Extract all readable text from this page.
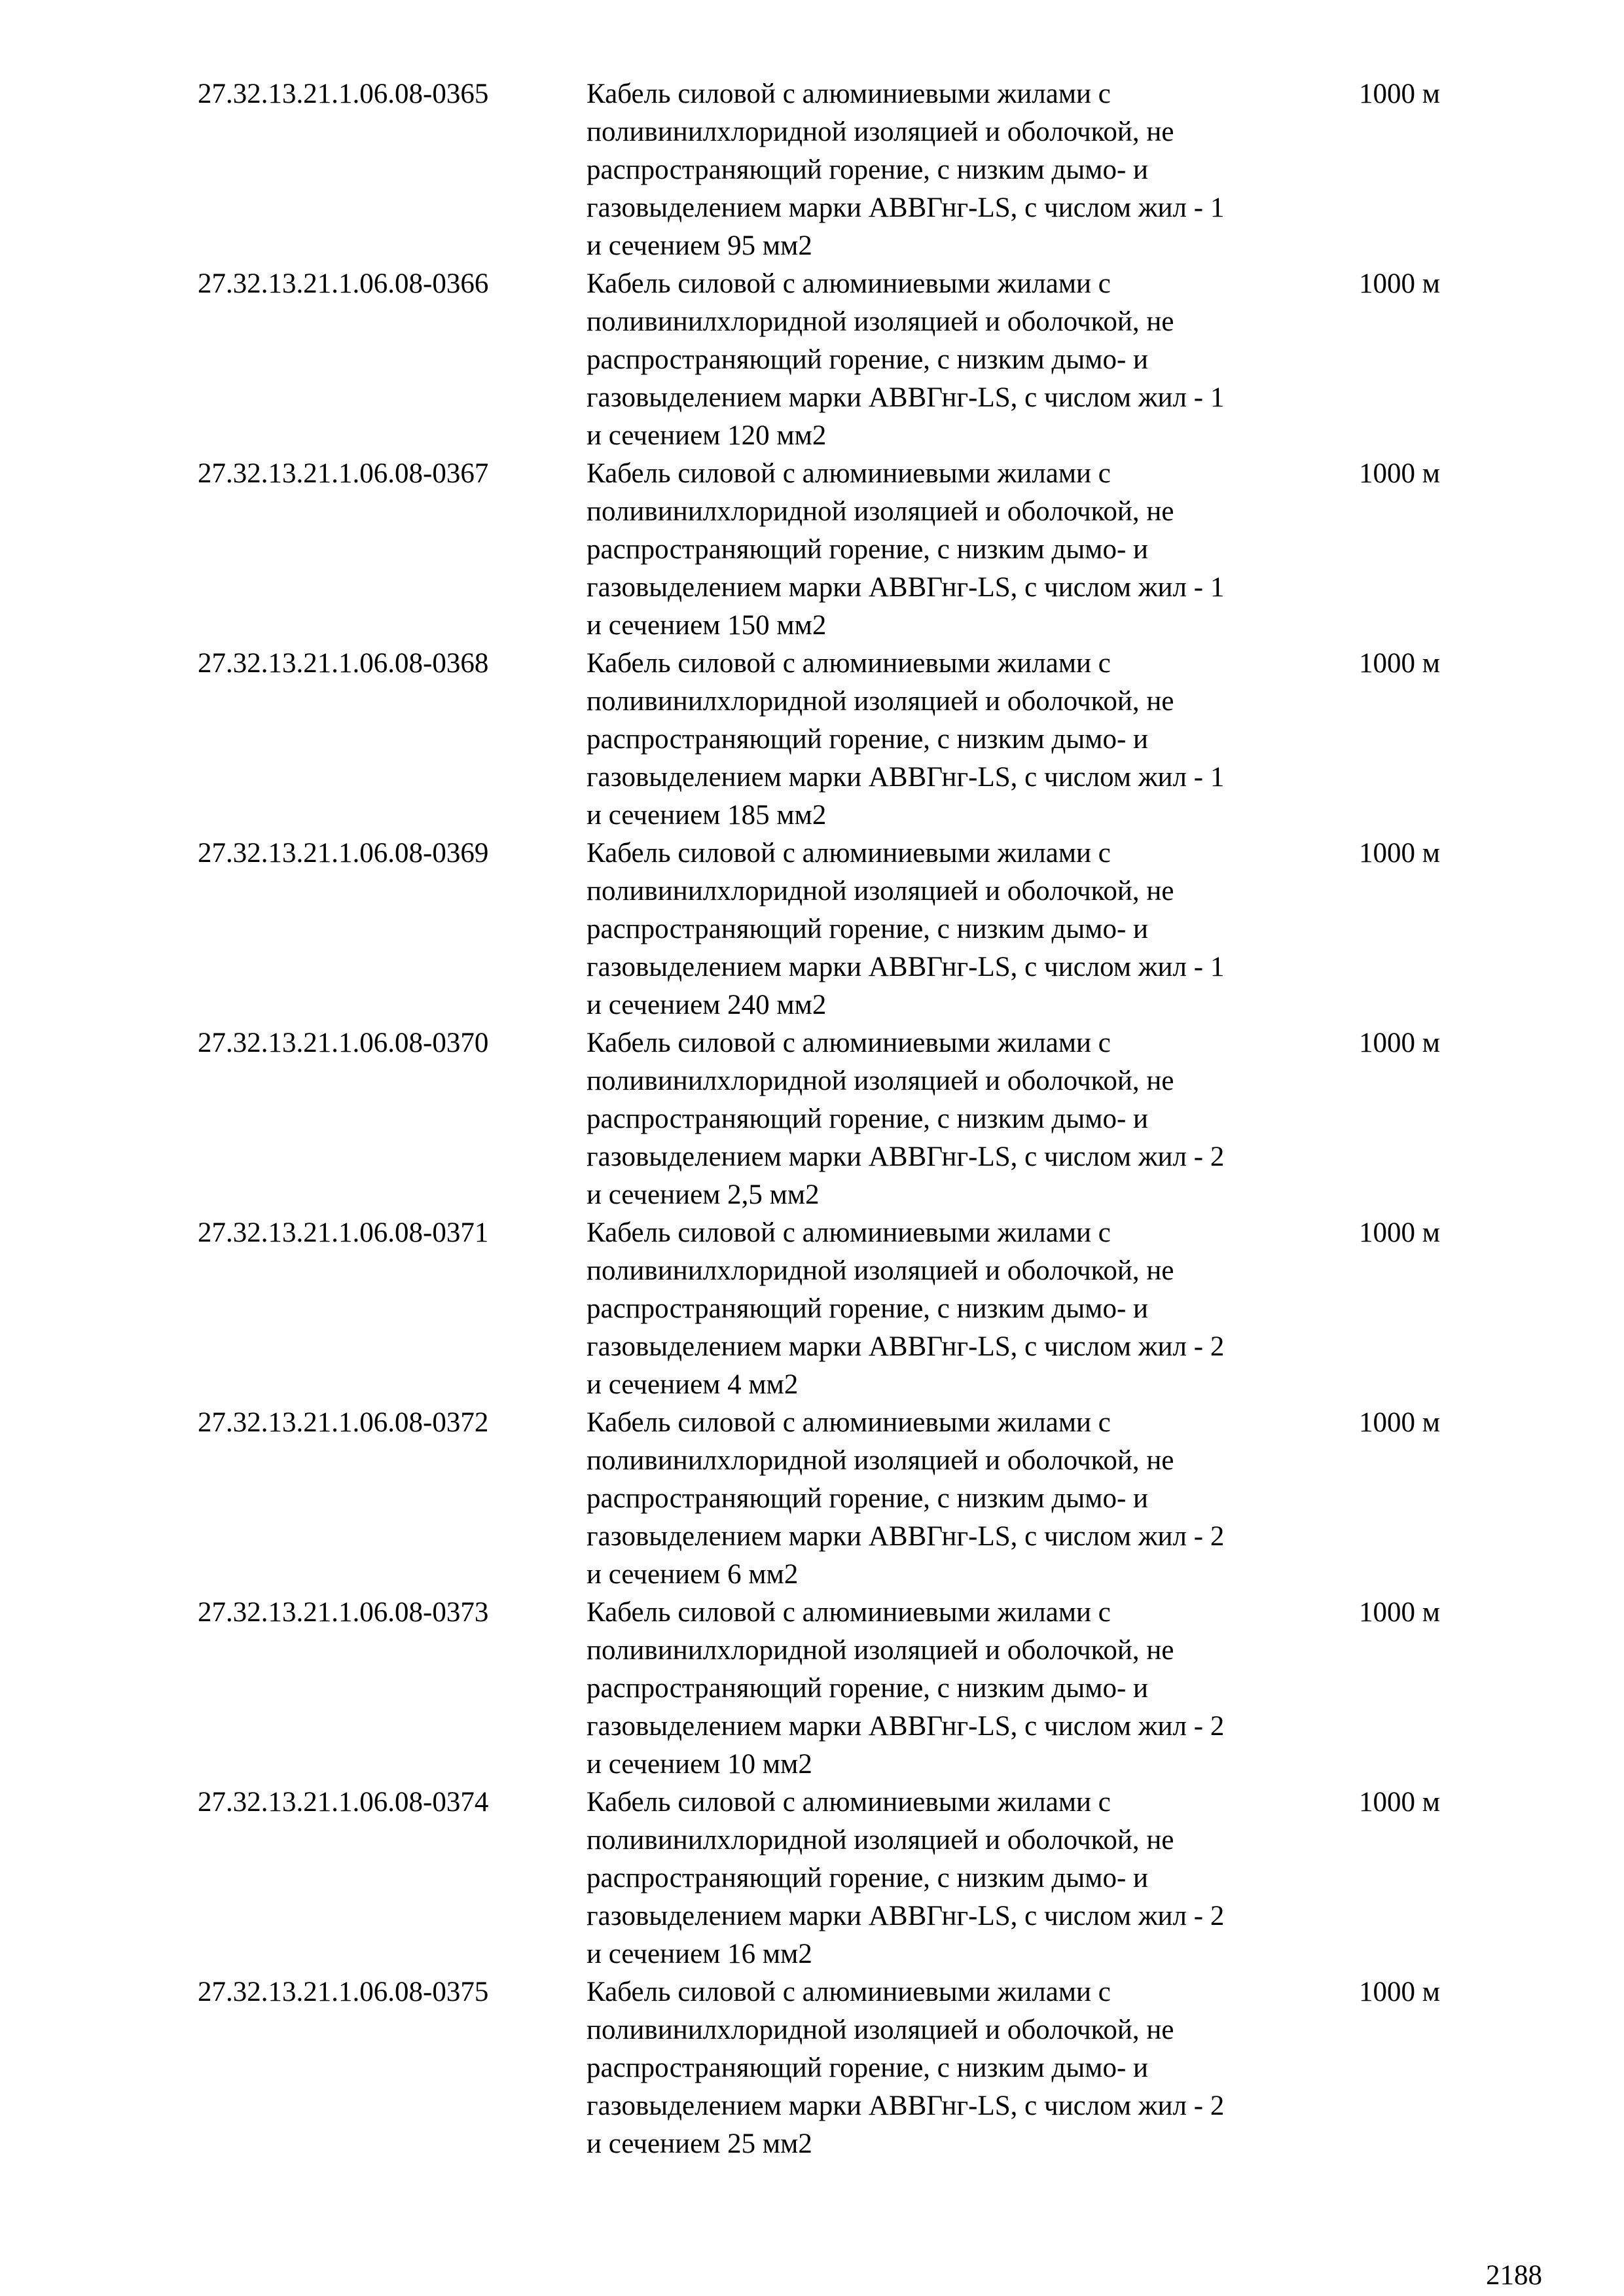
27.32.13.21.1.06.08-0365	Кабель силовой с алюминиевыми жилами с
поливинилхлоридной изоляцией и оболочкой, не
распространяющий горение, с низким дымо- и
газовыделением марки АВВГнг-LS, с числом жил - 1
и сечением 95 мм2
1000 м
27.32.13.21.1.06.08-0366	Кабель силовой с алюминиевыми жилами с
поливинилхлоридной изоляцией и оболочкой, не
распространяющий горение, с низким дымо- и
газовыделением марки АВВГнг-LS, с числом жил - 1
и сечением 120 мм2
1000 м
27.32.13.21.1.06.08-0367	Кабель силовой с алюминиевыми жилами с
поливинилхлоридной изоляцией и оболочкой, не
распространяющий горение, с низким дымо- и
газовыделением марки АВВГнг-LS, с числом жил - 1
и сечением 150 мм2
1000 м
27.32.13.21.1.06.08-0368	Кабель силовой с алюминиевыми жилами с
поливинилхлоридной изоляцией и оболочкой, не
распространяющий горение, с низким дымо- и
газовыделением марки АВВГнг-LS, с числом жил - 1
и сечением 185 мм2
1000 м
27.32.13.21.1.06.08-0369	Кабель силовой с алюминиевыми жилами с
поливинилхлоридной изоляцией и оболочкой, не
распространяющий горение, с низким дымо- и
газовыделением марки АВВГнг-LS, с числом жил - 1
и сечением 240 мм2
1000 м
27.32.13.21.1.06.08-0370	Кабель силовой с алюминиевыми жилами с
поливинилхлоридной изоляцией и оболочкой, не
распространяющий горение, с низким дымо- и
газовыделением марки АВВГнг-LS, с числом жил - 2
и сечением 2,5 мм2
1000 м
27.32.13.21.1.06.08-0371	Кабель силовой с алюминиевыми жилами с
поливинилхлоридной изоляцией и оболочкой, не
распространяющий горение, с низким дымо- и
газовыделением марки АВВГнг-LS, с числом жил - 2
и сечением 4 мм2
1000 м
27.32.13.21.1.06.08-0372	Кабель силовой с алюминиевыми жилами с
поливинилхлоридной изоляцией и оболочкой, не
распространяющий горение, с низким дымо- и
газовыделением марки АВВГнг-LS, с числом жил - 2
и сечением 6 мм2
1000 м
27.32.13.21.1.06.08-0373	Кабель силовой с алюминиевыми жилами с
поливинилхлоридной изоляцией и оболочкой, не
распространяющий горение, с низким дымо- и
газовыделением марки АВВГнг-LS, с числом жил - 2
и сечением 10 мм2
1000 м
27.32.13.21.1.06.08-0374	Кабель силовой с алюминиевыми жилами с
поливинилхлоридной изоляцией и оболочкой, не
распространяющий горение, с низким дымо- и
газовыделением марки АВВГнг-LS, с числом жил - 2
и сечением 16 мм2
1000 м
27.32.13.21.1.06.08-0375	Кабель силовой с алюминиевыми жилами с
поливинилхлоридной изоляцией и оболочкой, не
распространяющий горение, с низким дымо- и
газовыделением марки АВВГнг-LS, с числом жил - 2
и сечением 25 мм2
1000 м
2188
